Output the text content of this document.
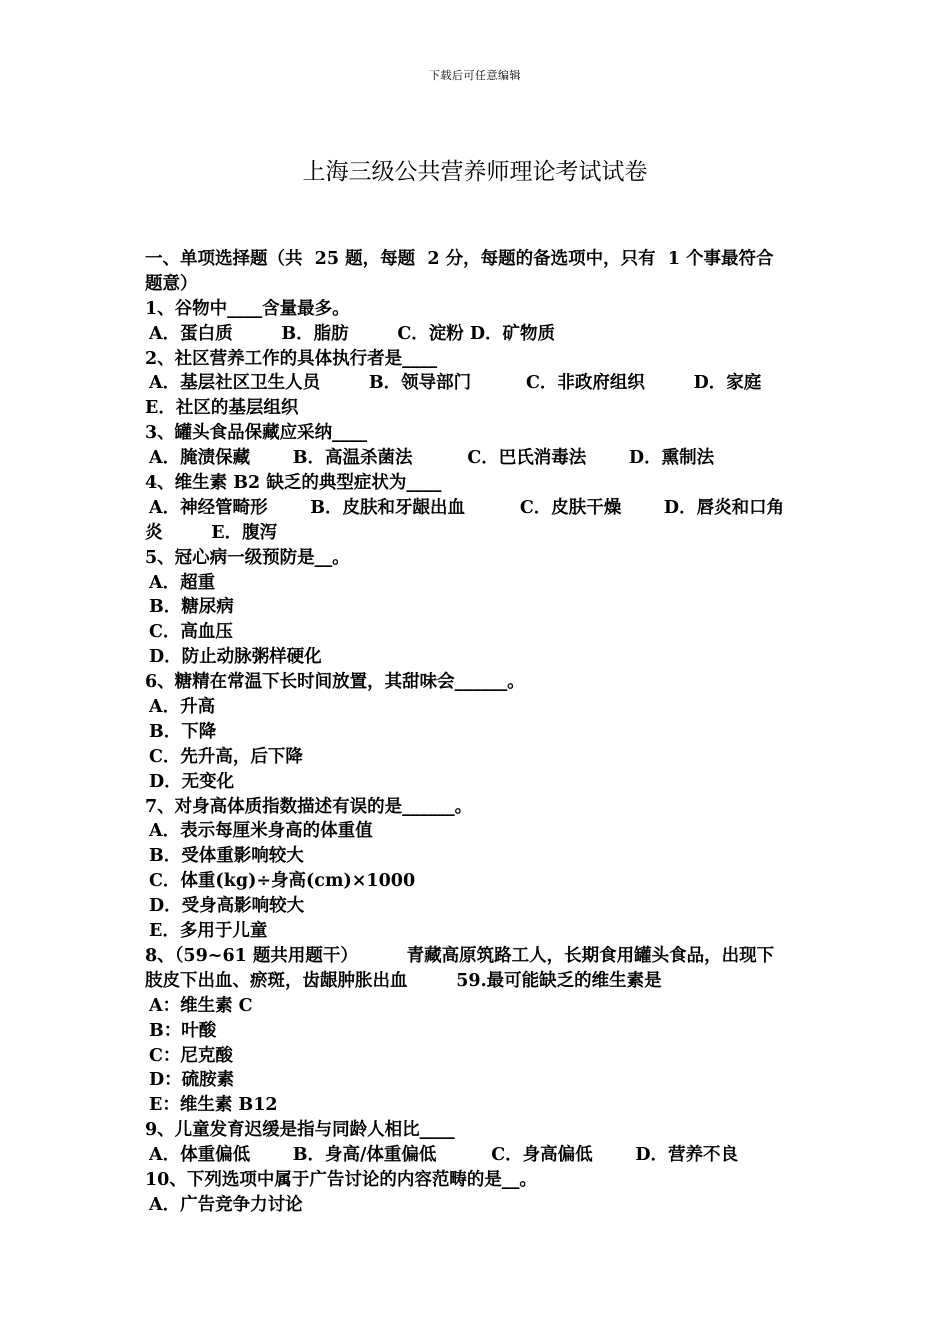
下载后可任意编辑
上海三级公共营养师理论考试试卷
一、单项选择题（共  25 题，每题  2 分，每题的备选项中，只有  1 个事最符合
题意）
1、谷物中____含量最多。
A．蛋白质        B．脂肪        C．淀粉 D．矿物质
2、社区营养工作的具体执行者是____
A．基层社区卫生人员        B．领导部门         C．非政府组织        D．家庭
E．社区的基层组织
3、罐头食品保藏应采纳____
A．腌渍保藏       B．高温杀菌法         C．巴氏消毒法       D．熏制法
4、维生素 B2 缺乏的典型症状为____
A．神经管畸形       B．皮肤和牙龈出血         C．皮肤干燥       D．唇炎和口角
炎        E．腹泻
5、冠心病一级预防是__。
A．超重
B．糖尿病
C．高血压
D．防止动脉粥样硬化
6、糖精在常温下长时间放置，其甜味会______。
A．升高
B．下降
C．先升高，后下降
D．无变化
7、对身高体质指数描述有误的是______。
A．表示每厘米身高的体重值
B．受体重影响较大
C．体重(kg)÷身高(cm)×1000
D．受身高影响较大
E．多用于儿童
8、（59~61 题共用题干）        青藏高原筑路工人，长期食用罐头食品，出现下
肢皮下出血、瘀斑，齿龈肿胀出血        59.最可能缺乏的维生素是
A：维生素 C
B：叶酸
C：尼克酸
D：硫胺素
E：维生素 B12
9、儿童发育迟缓是指与同龄人相比____
A．体重偏低       B．身高/体重偏低         C．身高偏低       D．营养不良
10、下列选项中属于广告讨论的内容范畴的是__。
A．广告竞争力讨论
